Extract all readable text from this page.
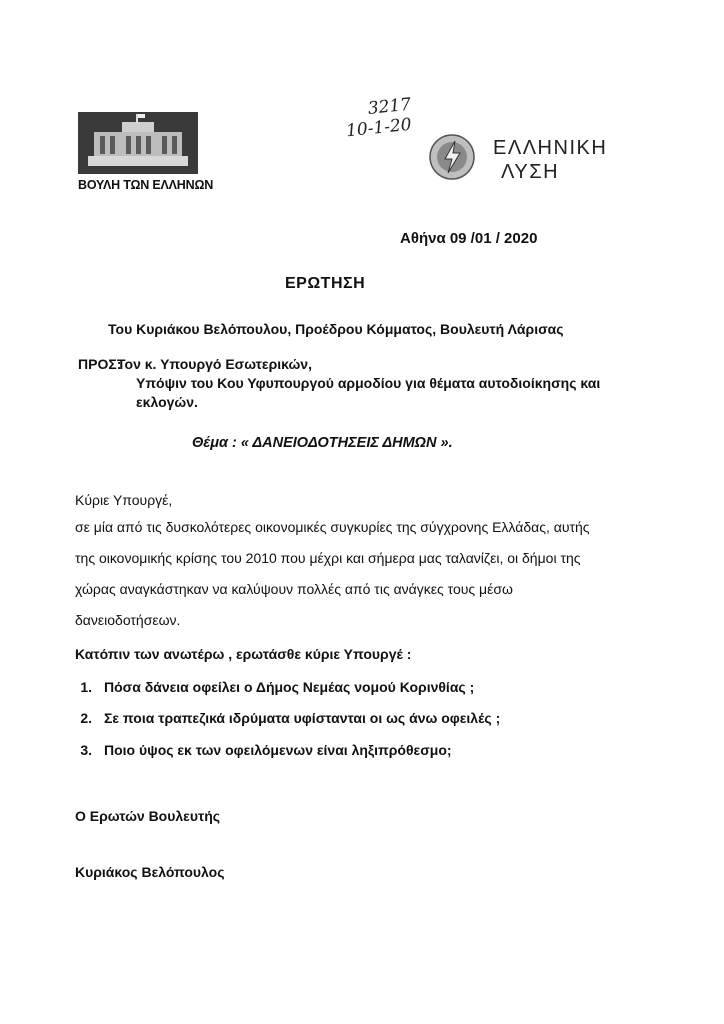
ΒΟΥΛΗ ΤΩΝ ΕΛΛΗΝΩΝ
3217
10-1-20
ΕΛΛΗΝΙΚΗ
ΛΥΣΗ
Αθήνα 09 /01 / 2020
ΕΡΩΤΗΣΗ
Του Κυριάκου Βελόπουλου, Προέδρου Κόμματος, Βουλευτή Λάρισας
ΠΡΟΣ:
Τον κ. Υπουργό Εσωτερικών,
Υπόψιν του Κου Υφυπουργού αρμοδίου για θέματα αυτοδιοίκησης και
εκλογών.
Θέμα : « ΔΑΝΕΙΟΔΟΤΗΣΕΙΣ ΔΗΜΩΝ ».
Κύριε Υπουργέ,
σε μία από τις δυσκολότερες οικονομικές συγκυρίες της σύγχρονης Ελλάδας, αυτής
της οικονομικής κρίσης του 2010 που μέχρι και σήμερα μας ταλανίζει, οι δήμοι της
χώρας αναγκάστηκαν να καλύψουν πολλές από τις ανάγκες τους μέσω
δανειοδοτήσεων.
Κατόπιν των ανωτέρω , ερωτάσθε κύριε Υπουργέ :
1. Πόσα δάνεια οφείλει ο Δήμος Νεμέας νομού Κορινθίας ;
2. Σε ποια τραπεζικά ιδρύματα υφίστανται οι ως άνω οφειλές ;
3. Ποιο ύψος εκ των οφειλόμενων είναι ληξιπρόθεσμο;
Ο Ερωτών Βουλευτής
Κυριάκος Βελόπουλος
